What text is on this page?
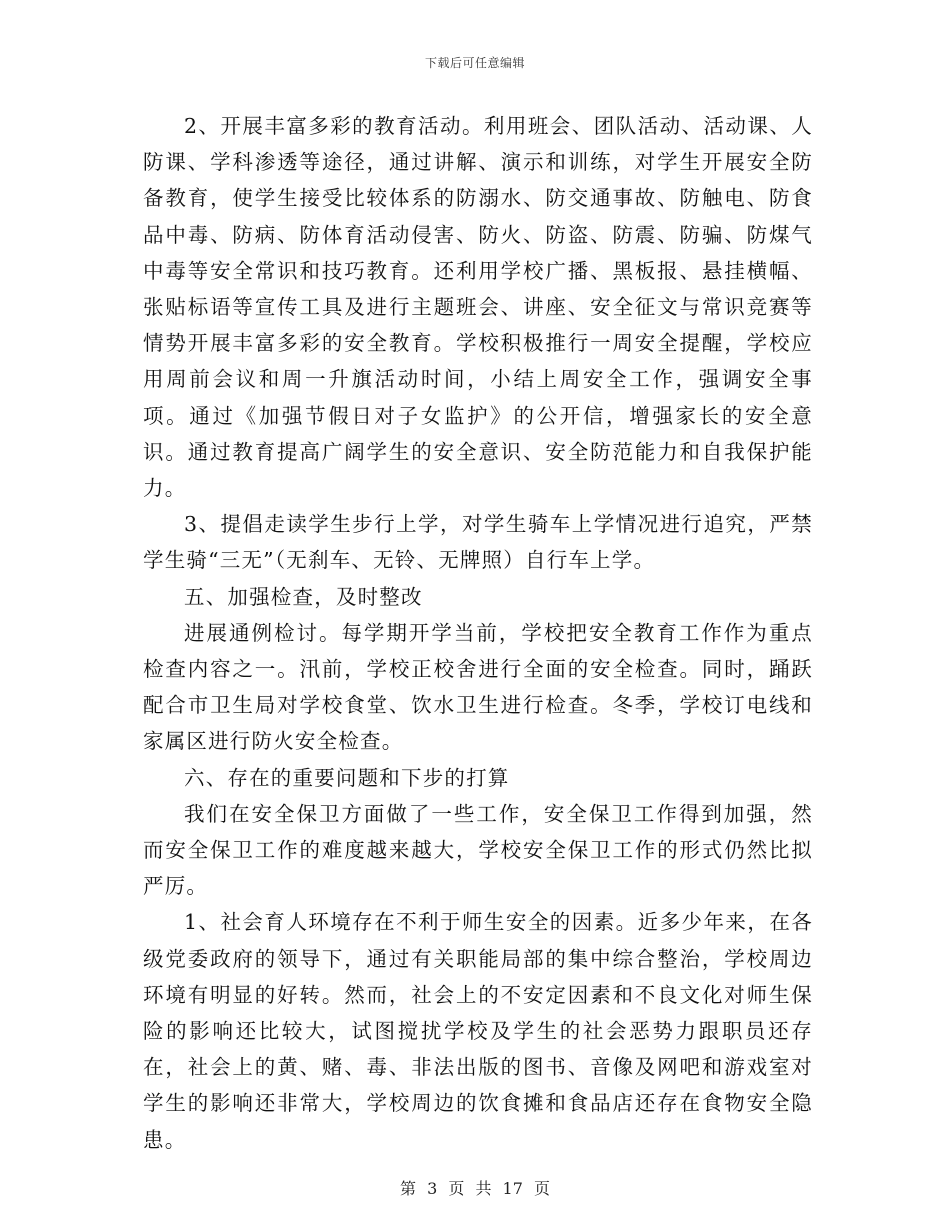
下载后可任意编辑

2、开展丰富多彩的教育活动。利用班会、团队活动、活动课、人防课、学科渗透等途径，通过讲解、演示和训练，对学生开展安全防备教育，使学生接受比较体系的防溺水、防交通事故、防触电、防食品中毒、防病、防体育活动侵害、防火、防盗、防震、防骗、防煤气中毒等安全常识和技巧教育。还利用学校广播、黑板报、悬挂横幅、张贴标语等宣传工具及进行主题班会、讲座、安全征文与常识竞赛等情势开展丰富多彩的安全教育。学校积极推行一周安全提醒，学校应用周前会议和周一升旗活动时间，小结上周安全工作，强调安全事项。通过《加强节假日对子女监护》的公开信，增强家长的安全意识。通过教育提高广阔学生的安全意识、安全防范能力和自我保护能力。

3、提倡走读学生步行上学，对学生骑车上学情况进行追究，严禁学生骑“三无”（无刹车、无铃、无牌照）自行车上学。

五、加强检查，及时整改

进展通例检讨。每学期开学当前，学校把安全教育工作作为重点检查内容之一。汛前，学校正校舍进行全面的安全检查。同时，踊跃配合市卫生局对学校食堂、饮水卫生进行检查。冬季，学校订电线和家属区进行防火安全检查。

六、存在的重要问题和下步的打算

我们在安全保卫方面做了一些工作，安全保卫工作得到加强，然而安全保卫工作的难度越来越大，学校安全保卫工作的形式仍然比拟严厉。

1、社会育人环境存在不利于师生安全的因素。近多少年来，在各级党委政府的领导下，通过有关职能局部的集中综合整治，学校周边环境有明显的好转。然而，社会上的不安定因素和不良文化对师生保险的影响还比较大，试图搅扰学校及学生的社会恶势力跟职员还存在，社会上的黄、赌、毒、非法出版的图书、音像及网吧和游戏室对学生的影响还非常大，学校周边的饮食摊和食品店还存在食物安全隐患。

第 3 页 共 17 页
